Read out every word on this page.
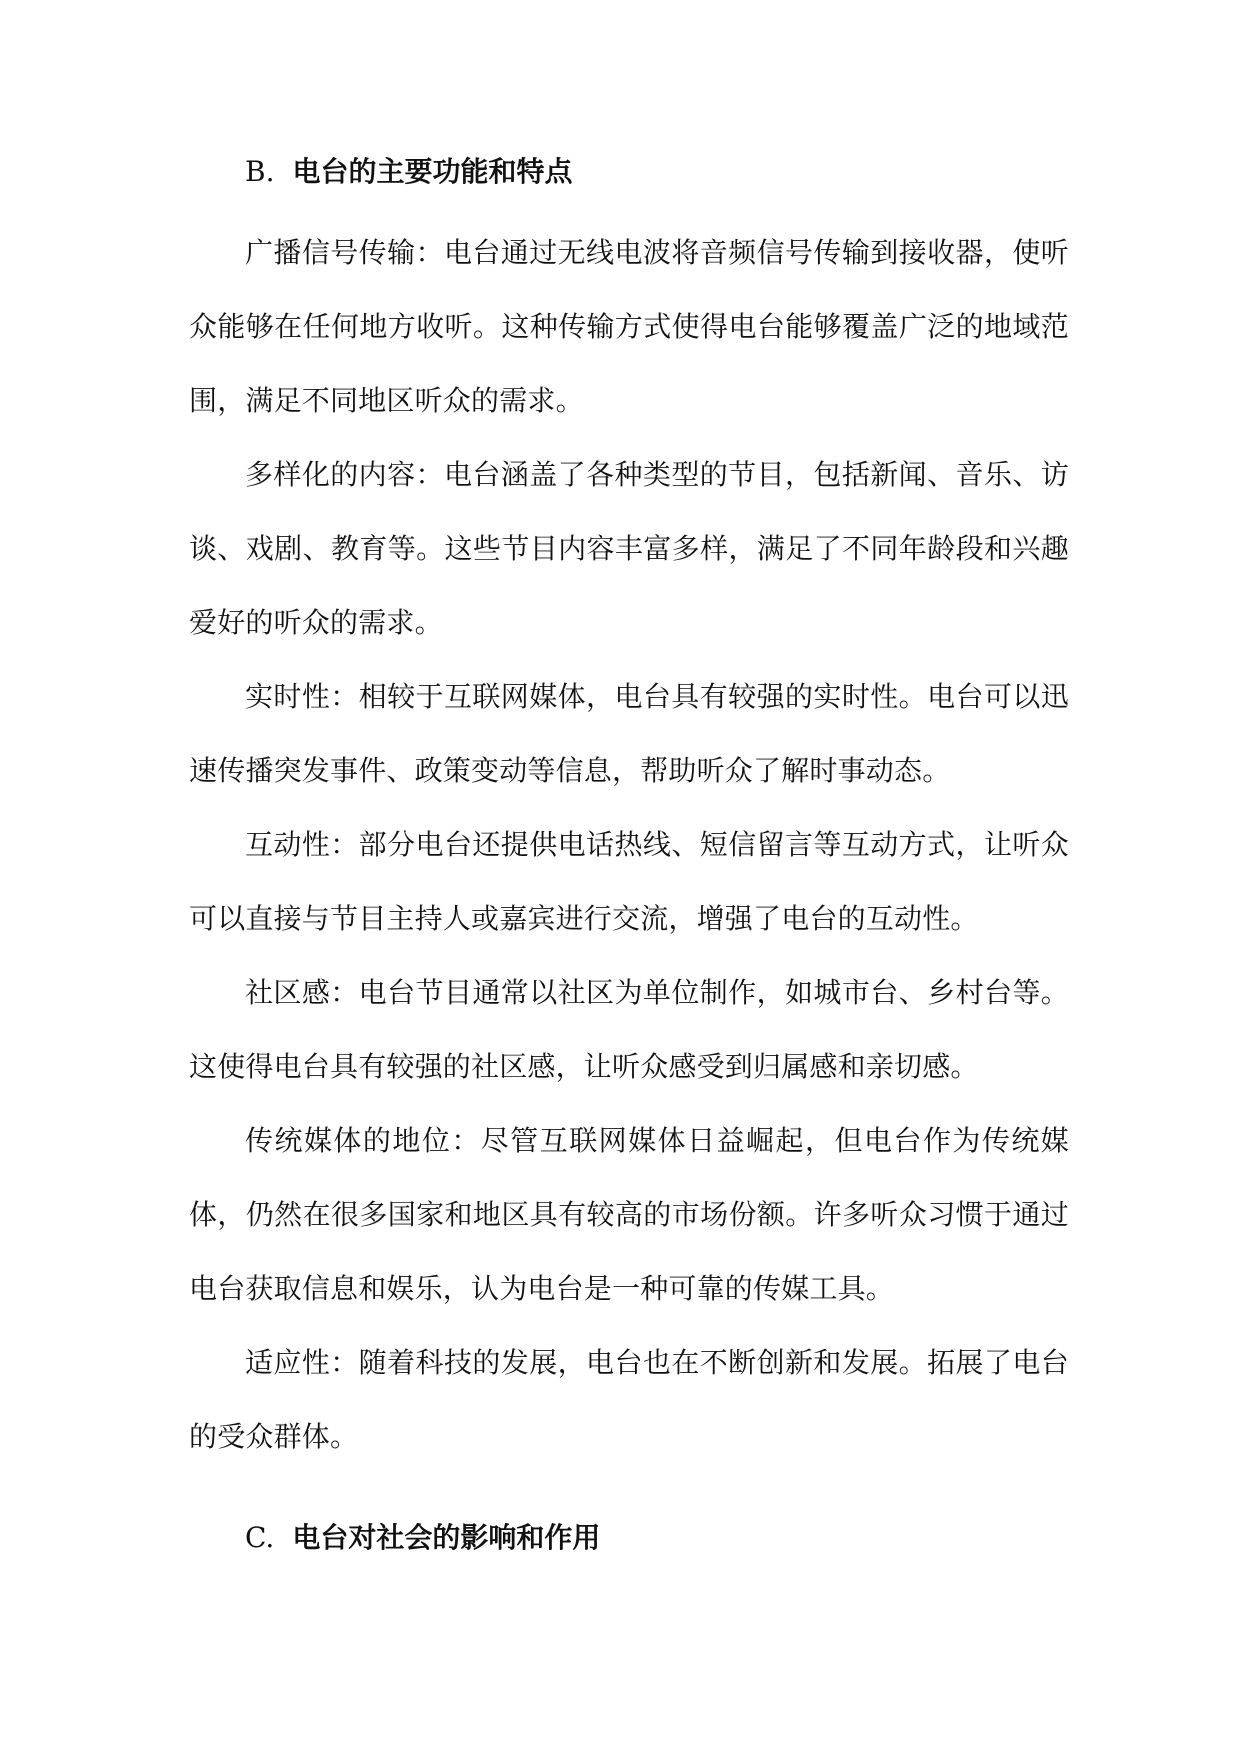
B. 电台的主要功能和特点

广播信号传输：电台通过无线电波将音频信号传输到接收器，使听众能够在任何地方收听。这种传输方式使得电台能够覆盖广泛的地域范围，满足不同地区听众的需求。

多样化的内容：电台涵盖了各种类型的节目，包括新闻、音乐、访谈、戏剧、教育等。这些节目内容丰富多样，满足了不同年龄段和兴趣爱好的听众的需求。

实时性：相较于互联网媒体，电台具有较强的实时性。电台可以迅速传播突发事件、政策变动等信息，帮助听众了解时事动态。

互动性：部分电台还提供电话热线、短信留言等互动方式，让听众可以直接与节目主持人或嘉宾进行交流，增强了电台的互动性。

社区感：电台节目通常以社区为单位制作，如城市台、乡村台等。这使得电台具有较强的社区感，让听众感受到归属感和亲切感。

传统媒体的地位：尽管互联网媒体日益崛起，但电台作为传统媒体，仍然在很多国家和地区具有较高的市场份额。许多听众习惯于通过电台获取信息和娱乐，认为电台是一种可靠的传媒工具。

适应性：随着科技的发展，电台也在不断创新和发展。拓展了电台的受众群体。

C. 电台对社会的影响和作用
